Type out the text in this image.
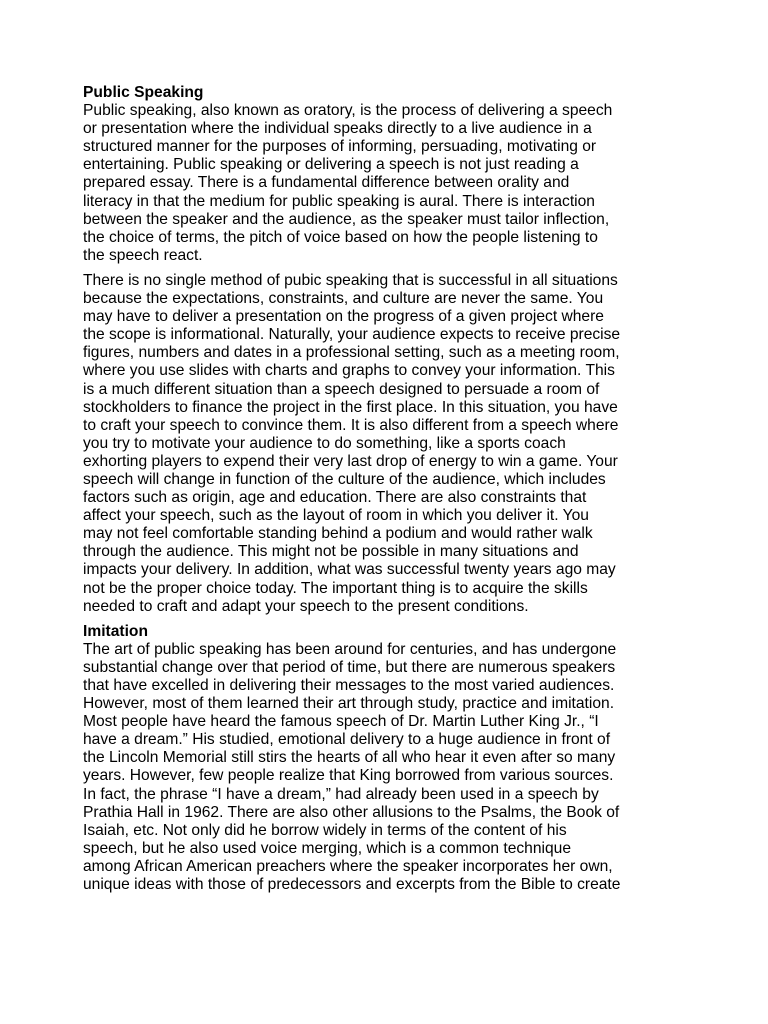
Public Speaking
Public speaking, also known as oratory, is the process of delivering a speech
or presentation where the individual speaks directly to a live audience in a
structured manner for the purposes of informing, persuading, motivating or
entertaining. Public speaking or delivering a speech is not just reading a
prepared essay. There is a fundamental difference between orality and
literacy in that the medium for public speaking is aural. There is interaction
between the speaker and the audience, as the speaker must tailor inflection,
the choice of terms, the pitch of voice based on how the people listening to
the speech react.
There is no single method of pubic speaking that is successful in all situations
because the expectations, constraints, and culture are never the same. You
may have to deliver a presentation on the progress of a given project where
the scope is informational. Naturally, your audience expects to receive precise
figures, numbers and dates in a professional setting, such as a meeting room,
where you use slides with charts and graphs to convey your information. This
is a much different situation than a speech designed to persuade a room of
stockholders to finance the project in the first place. In this situation, you have
to craft your speech to convince them. It is also different from a speech where
you try to motivate your audience to do something, like a sports coach
exhorting players to expend their very last drop of energy to win a game. Your
speech will change in function of the culture of the audience, which includes
factors such as origin, age and education. There are also constraints that
affect your speech, such as the layout of room in which you deliver it. You
may not feel comfortable standing behind a podium and would rather walk
through the audience. This might not be possible in many situations and
impacts your delivery. In addition, what was successful twenty years ago may
not be the proper choice today. The important thing is to acquire the skills
needed to craft and adapt your speech to the present conditions.
Imitation
The art of public speaking has been around for centuries, and has undergone
substantial change over that period of time, but there are numerous speakers
that have excelled in delivering their messages to the most varied audiences.
However, most of them learned their art through study, practice and imitation.
Most people have heard the famous speech of Dr. Martin Luther King Jr., “I
have a dream.” His studied, emotional delivery to a huge audience in front of
the Lincoln Memorial still stirs the hearts of all who hear it even after so many
years. However, few people realize that King borrowed from various sources.
In fact, the phrase “I have a dream,” had already been used in a speech by
Prathia Hall in 1962. There are also other allusions to the Psalms, the Book of
Isaiah, etc. Not only did he borrow widely in terms of the content of his
speech, but he also used voice merging, which is a common technique
among African American preachers where the speaker incorporates her own,
unique ideas with those of predecessors and excerpts from the Bible to create
